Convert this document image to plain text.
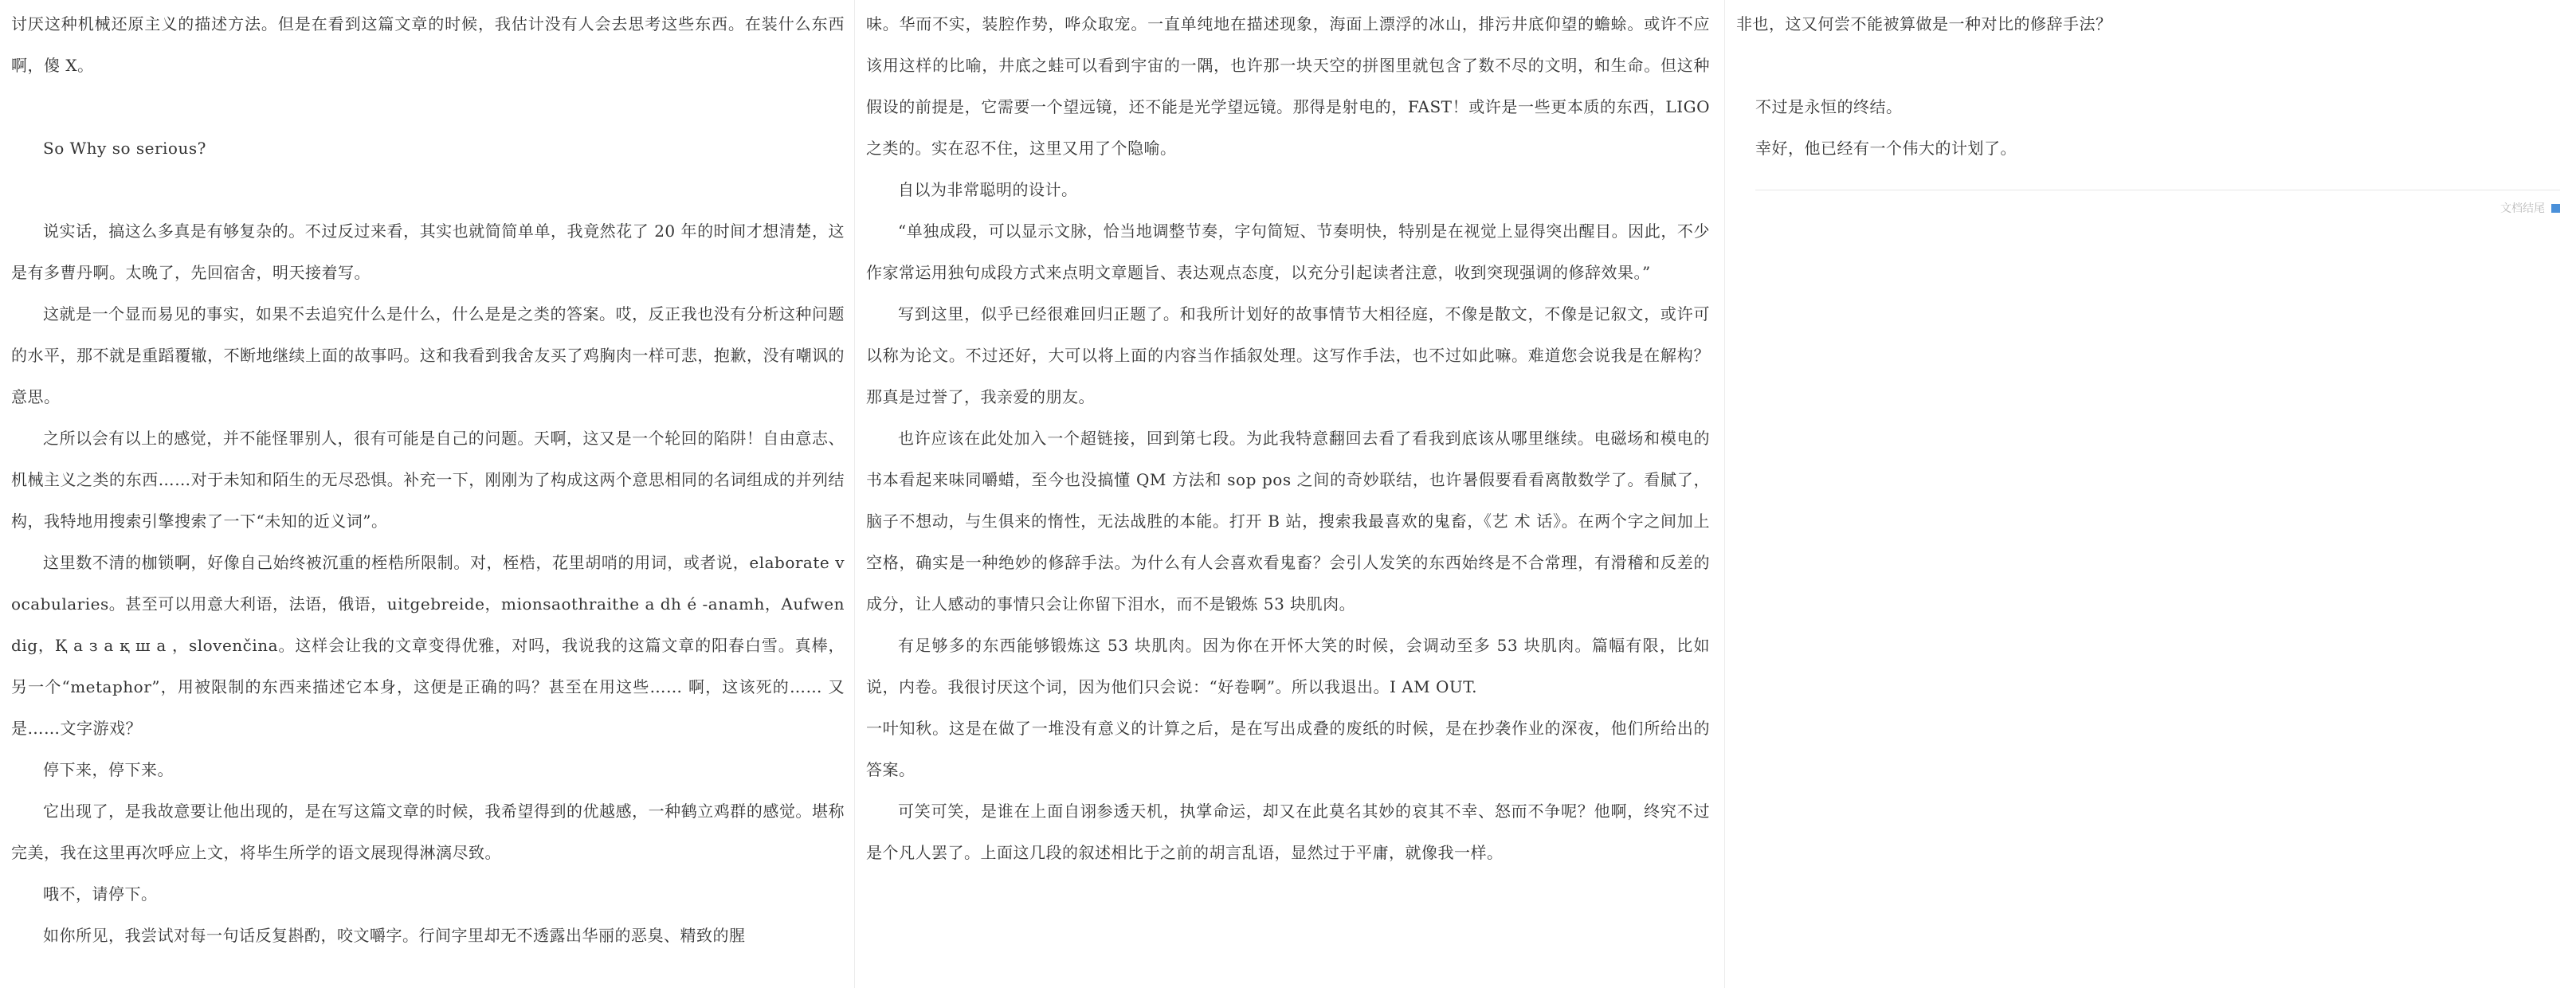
讨厌这种机械还原主义的描述方法。但是在看到这篇文章的时候，我估计没有人会去思考这些东西。在装什么东西啊，傻 X。

So Why so serious?

说实话，搞这么多真是有够复杂的。不过反过来看，其实也就简简单单，我竟然花了 20 年的时间才想清楚，这是有多曹丹啊。太晚了，先回宿舍，明天接着写。

这就是一个显而易见的事实，如果不去追究什么是什么，什么是是之类的答案。哎，反正我也没有分析这种问题的水平，那不就是重蹈覆辙，不断地继续上面的故事吗。这和我看到我舍友买了鸡胸肉一样可悲，抱歉，没有嘲讽的意思。

之所以会有以上的感觉，并不能怪罪别人，很有可能是自己的问题。天啊，这又是一个轮回的陷阱！自由意志、机械主义之类的东西……对于未知和陌生的无尽恐惧。补充一下，刚刚为了构成这两个意思相同的名词组成的并列结构，我特地用搜索引擎搜索了一下“未知的近义词”。

这里数不清的枷锁啊，好像自己始终被沉重的桎梏所限制。对，桎梏，花里胡哨的用词，或者说，elaborate vocabularies。甚至可以用意大利语，法语，俄语，uitgebreide，mionsaothraithe a dh é -anamh，Aufwendig，Қ а з а қ ш а ，slovenčina。这样会让我的文章变得优雅，对吗，我说我的这篇文章的阳春白雪。真棒，另一个“metaphor”，用被限制的东西来描述它本身，这便是正确的吗？甚至在用这些…… 啊，这该死的…… 又是……文字游戏？

停下来，停下来。

它出现了，是我故意要让他出现的，是在写这篇文章的时候，我希望得到的优越感，一种鹤立鸡群的感觉。堪称完美，我在这里再次呼应上文，将毕生所学的语文展现得淋漓尽致。

哦不，请停下。

如你所见，我尝试对每一句话反复斟酌，咬文嚼字。行间字里却无不透露出华丽的恶臭、精致的腥

味。华而不实，装腔作势，哗众取宠。一直单纯地在描述现象，海面上漂浮的冰山，排污井底仰望的蟾蜍。或许不应该用这样的比喻，井底之蛙可以看到宇宙的一隅，也许那一块天空的拼图里就包含了数不尽的文明，和生命。但这种假设的前提是，它需要一个望远镜，还不能是光学望远镜。那得是射电的，FAST！或许是一些更本质的东西，LIGO 之类的。实在忍不住，这里又用了个隐喻。

自以为非常聪明的设计。

“单独成段，可以显示文脉，恰当地调整节奏，字句简短、节奏明快，特别是在视觉上显得突出醒目。因此，不少作家常运用独句成段方式来点明文章题旨、表达观点态度，以充分引起读者注意，收到突现强调的修辞效果。”

写到这里，似乎已经很难回归正题了。和我所计划好的故事情节大相径庭，不像是散文，不像是记叙文，或许可以称为论文。不过还好，大可以将上面的内容当作插叙处理。这写作手法，也不过如此嘛。难道您会说我是在解构？那真是过誉了，我亲爱的朋友。

也许应该在此处加入一个超链接，回到第七段。为此我特意翻回去看了看我到底该从哪里继续。电磁场和模电的书本看起来味同嚼蜡，至今也没搞懂 QM 方法和 sop pos 之间的奇妙联结，也许暑假要看看离散数学了。看腻了，脑子不想动，与生俱来的惰性，无法战胜的本能。打开 B 站，搜索我最喜欢的鬼畜，《艺 术 话》。在两个字之间加上空格，确实是一种绝妙的修辞手法。为什么有人会喜欢看鬼畜？会引人发笑的东西始终是不合常理，有滑稽和反差的成分，让人感动的事情只会让你留下泪水，而不是锻炼 53 块肌肉。

有足够多的东西能够锻炼这 53 块肌肉。因为你在开怀大笑的时候，会调动至多 53 块肌肉。篇幅有限，比如说，内卷。我很讨厌这个词，因为他们只会说：“好卷啊”。所以我退出。I AM OUT.

一叶知秋。这是在做了一堆没有意义的计算之后，是在写出成叠的废纸的时候，是在抄袭作业的深夜，他们所给出的答案。

可笑可笑，是谁在上面自诩参透天机，执掌命运，却又在此莫名其妙的哀其不幸、怒而不争呢？他啊，终究不过是个凡人罢了。上面这几段的叙述相比于之前的胡言乱语，显然过于平庸，就像我一样。

非也，这又何尝不能被算做是一种对比的修辞手法？

不过是永恒的终结。

幸好，他已经有一个伟大的计划了。

文档结尾
